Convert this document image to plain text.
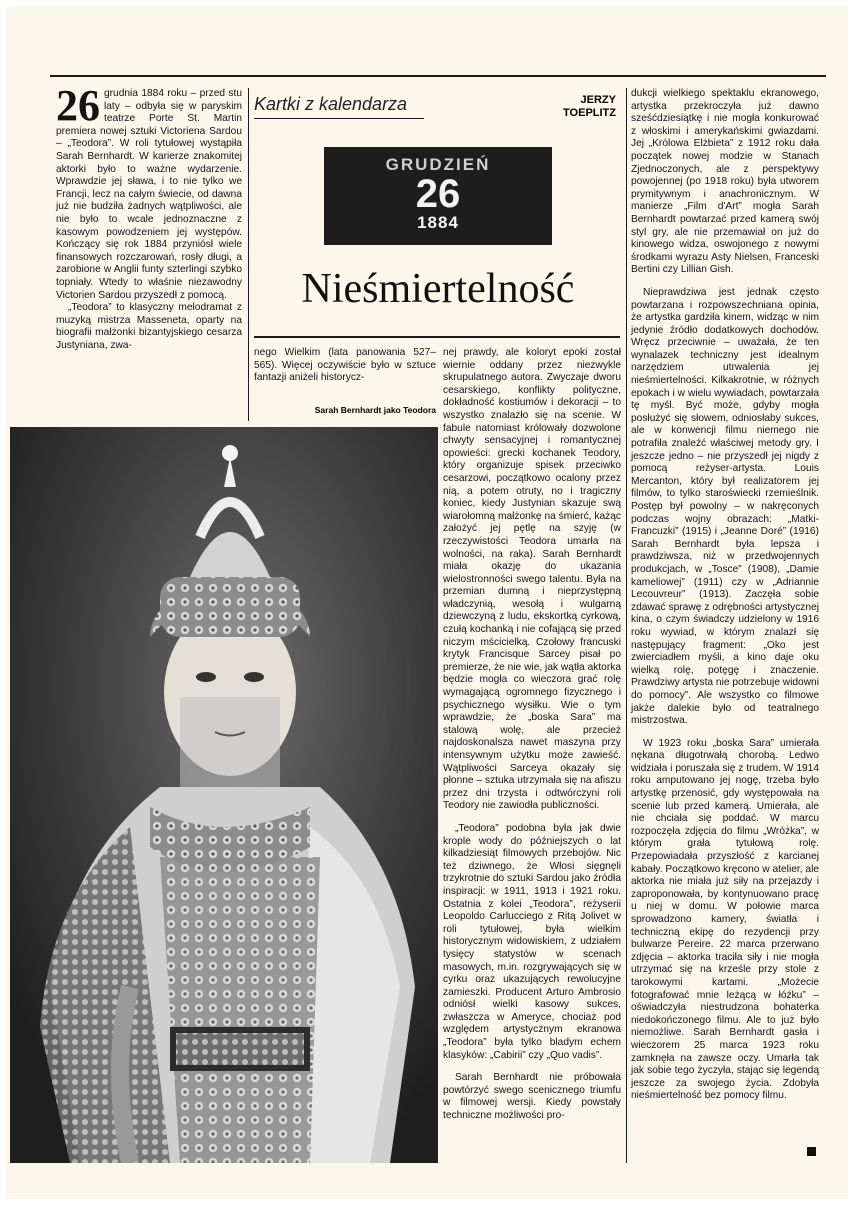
26 grudnia 1884 roku – przed stu laty – odbyła się w paryskim teatrze Porte St. Martin premiera nowej sztuki Victoriena Sardou – „Teodora”. W roli tytułowej wystąpiła Sarah Bernhardt. W karierze znakomitej aktorki było to ważne wydarzenie. Wprawdzie jej sława, i to nie tylko we Francji, lecz na całym świecie, od dawna już nie budziła żadnych wątpliwości, ale nie było to wcale jednoznaczne z kasowym powodzeniem jej występów. Kończący się rok 1884 przyniósł wiele finansowych rozczarowań, rosły długi, a zarobione w Anglii funty szterlingi szybko topniały. Wtedy to właśnie niezawodny Victorien Sardou przyszedł z pomocą.

„Teodora” to klasyczny melodramat z muzyką mistrza Masseneta, oparty na biografii małżonki bizantyjskiego cesarza Justyniana, zwa-

Kartki z kalendarza	JERZY
TOEPLITZ
GRUDZIEŃ
26
1884
Nieśmiertelność

nego Wielkim (lata panowania 527–565). Więcej oczywiście było w sztuce fantazji aniżeli historycz-

Sarah Bernhardt jako Teodora

nej prawdy, ale koloryt epoki został wiernie oddany przez niezwykle skrupulatnego autora. Zwyczaje dworu cesarskiego, konflikty polityczne, dokładność kostiumów i dekoracji – to wszystko znalazło się na scenie. W fabule natomiast królowały dozwolone chwyty sensacyjnej i romantycznej opowieści: grecki kochanek Teodory, który organizuje spisek przeciwko cesarzowi, początkowo ocalony przez nią, a potem otruty, no i tragiczny koniec, kiedy Justynian skazuje swą wiarołomną małżonkę na śmierć, każąc założyć jej pętlę na szyję (w rzeczywistości Teodora umarła na wolności, na raka). Sarah Bernhardt miała okazję do ukazania wielostronności swego talentu. Była na przemian dumną i nieprzystępną władczynią, wesołą i wulgarną dziewczyną z ludu, ekskortką cyrkową, czułą kochanką i nie cofającą się przed niczym mścicielką. Czołowy francuski krytyk Francisque Sarcey pisał po premierze, że nie wie, jak wątła aktorka będzie mogła co wieczora grać rolę wymagającą ogromnego fizycznego i psychicznego wysiłku. Wie o tym wprawdzie, że „boska Sara” ma stalową wolę, ale przecież najdoskonalsza nawet maszyna przy intensywnym użytku może zawieść. Wątpliwości Sarceya okazały się płonne – sztuka utrzymała się na afiszu przez dni trzysta i odtwórczyni roli Teodory nie zawiodła publiczności.

„Teodora” podobna była jak dwie krople wody do późniejszych o lat kilkadziesiąt filmowych przebojów. Nic też dziwnego, że Włosi sięgnęli trzykrotnie do sztuki Sardou jako źródła inspiracji: w 1911, 1913 i 1921 roku. Ostatnia z kolei „Teodora”, reżyserii Leopoldo Carlucciego z Ritą Jolivet w roli tytułowej, była wielkim historycznym widowiskiem, z udziałem tysięcy statystów w scenach masowych, m.in. rozgrywających się w cyrku oraz ukazujących rewolucyjne zamieszki. Producent Arturo Ambrosio odniósł wielki kasowy sukces, zwłaszcza w Ameryce, chociaż pod względem artystycznym ekranowa „Teodora” była tylko bladym echem klasyków: „Cabirii” czy „Quo vadis”.

Sarah Bernhardt nie próbowała powtórzyć swego scenicznego triumfu w filmowej wersji. Kiedy powstały techniczne możliwości pro-

dukcji wielkiego spektaklu ekranowego, artystka przekroczyła już dawno sześćdziesiątkę i nie mogła konkurować z włoskimi i amerykańskimi gwiazdami. Jej „Królowa Elżbieta” z 1912 roku dała początek nowej modzie w Stanach Zjednoczonych, ale z perspektywy powojennej (po 1918 roku) była utworem prymitywnym i anachronicznym. W manierze „Film d'Art” mogła Sarah Bernhardt powtarzać przed kamerą swój styl gry, ale nie przemawiał on już do kinowego widza, oswojonego z nowymi środkami wyrazu Asty Nielsen, Franceski Bertini czy Lillian Gish.

Nieprawdziwa jest jednak często powtarzana i rozpowszechniana opinia, że artystka gardziła kinem, widząc w nim jedynie źródło dodatkowych dochodów. Wręcz przeciwnie – uważała, że ten wynalazek techniczny jest idealnym narzędziem utrwalenia jej nieśmiertelności. Kilkakrotnie, w różnych epokach i w wielu wywiadach, powtarzała tę myśl. Być może, gdyby mogła posłużyć się słowem, odniosłaby sukces, ale w konwencji filmu niemego nie potrafiła znaleźć właściwej metody gry. I jeszcze jedno – nie przyszedł jej nigdy z pomocą reżyser-artysta. Louis Mercanton, który był realizatorem jej filmów, to tylko staroświecki rzemieślnik. Postęp był powolny – w nakręconych podczas wojny obrazach: „Matki-Francuzki” (1915) i „Jeanne Doré” (1916) Sarah Bernhardt była lepsza i prawdziwsza, niż w przedwojennych produkcjach, w „Tosce” (1908), „Damie kameliowej” (1911) czy w „Adriannie Lecouvreur” (1913). Zaczęła sobie zdawać sprawę z odrębności artystycznej kina, o czym świadczy udzielony w 1916 roku wywiad, w którym znalazł się następujący fragment: „Oko jest zwierciadłem myśli, a kino daje oku wielką rolę, potęgę i znaczenie. Prawdziwy artysta nie potrzebuje widowni do pomocy”. Ale wszystko co filmowe jakże dalekie było od teatralnego mistrzostwa.

W 1923 roku „boska Sara” umierała nękana długotrwałą chorobą. Ledwo widziała i poruszała się z trudem. W 1914 roku amputowano jej nogę, trzeba było artystkę przenosić, gdy występowała na scenie lub przed kamerą. Umierała, ale nie chciała się poddać. W marcu rozpoczęła zdjęcia do filmu „Wróżka”, w którym grała tytułową rolę. Przepowiadała przyszłość z karcianej kabały. Początkowo kręcono w atelier, ale aktorka nie miała już siły na przejazdy i zaproponowała, by kontynuowano pracę u niej w domu. W połowie marca sprowadzono kamery, światła i techniczną ekipę do rezydencji przy bulwarze Pereire. 22 marca przerwano zdjęcia – aktorka traciła siły i nie mogła utrzymać się na krześle przy stole z tarokowymi kartami. „Możecie fotografować mnie leżącą w łóżku” – oświadczyła niestrudzona bohaterka niedokończonego filmu. Ale to już było niemożliwe. Sarah Bernhardt gasła i wieczorem 25 marca 1923 roku zamknęła na zawsze oczy. Umarła tak jak sobie tego życzyła, stając się legendą jeszcze za swojego życia. Zdobyła nieśmiertelność bez pomocy filmu.
